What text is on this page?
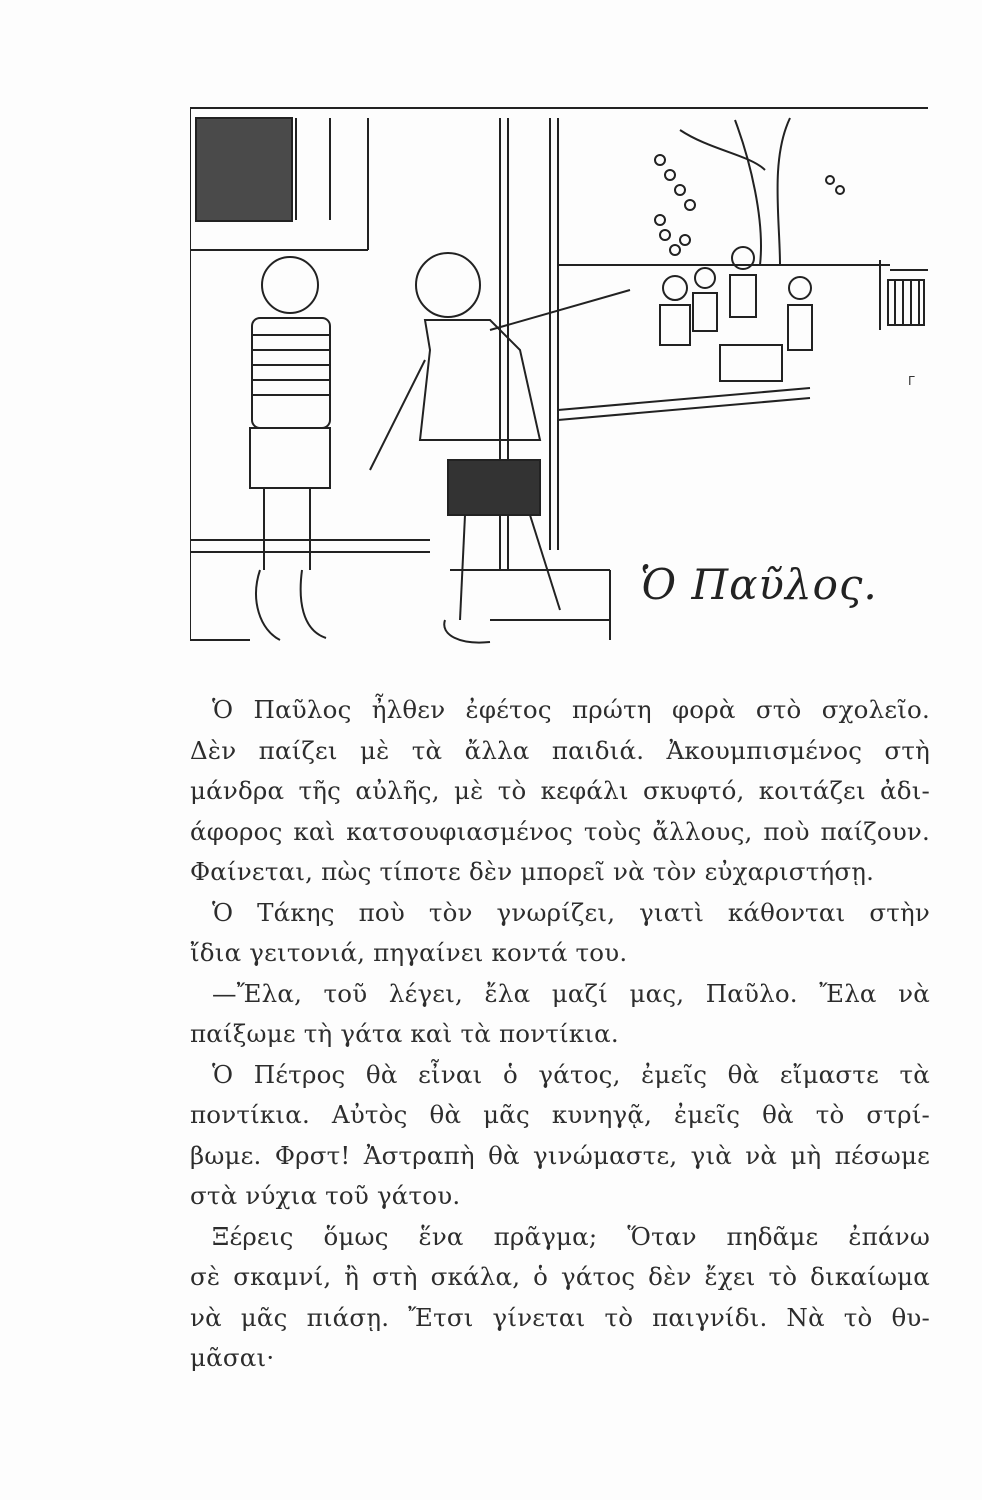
Γ
Ὁ Παῦλος.
Ὁ Παῦλος ἦλθεν ἐφέτος πρώτη φορὰ στὸ σχολεῖο.
Δὲν παίζει μὲ τὰ ἄλλα παιδιά. Ἀκουμπισμένος στὴ
μάνδρα τῆς αὐλῆς, μὲ τὸ κεφάλι σκυφτό, κοιτάζει ἀδι-
άφορος καὶ κατσουφιασμένος τοὺς ἄλλους, ποὺ παίζουν.
Φαίνεται, πὼς τίποτε δὲν μπορεῖ νὰ τὸν εὐχαριστήσῃ.
Ὁ Τάκης ποὺ τὸν γνωρίζει, γιατὶ κάθονται στὴν
ἴδια γειτονιά, πηγαίνει κοντά του.
—Ἔλα, τοῦ λέγει, ἔλα μαζί μας, Παῦλο. Ἔλα νὰ
παίξωμε τὴ γάτα καὶ τὰ ποντίκια.
Ὁ Πέτρος θὰ εἶναι ὁ γάτος, ἐμεῖς θὰ εἴμαστε τὰ
ποντίκια. Αὐτὸς θὰ μᾶς κυνηγᾷ, ἐμεῖς θὰ τὸ στρί-
βωμε. Φρστ! Ἀστραπὴ θὰ γινώμαστε, γιὰ νὰ μὴ πέσωμε
στὰ νύχια τοῦ γάτου.
Ξέρεις ὅμως ἕνα πρᾶγμα; Ὅταν πηδᾶμε ἐπάνω
σὲ σκαμνί, ἢ στὴ σκάλα, ὁ γάτος δὲν ἔχει τὸ δικαίωμα
νὰ μᾶς πιάσῃ. Ἔτσι γίνεται τὸ παιγνίδι. Νὰ τὸ θυ-
μᾶσαι·
